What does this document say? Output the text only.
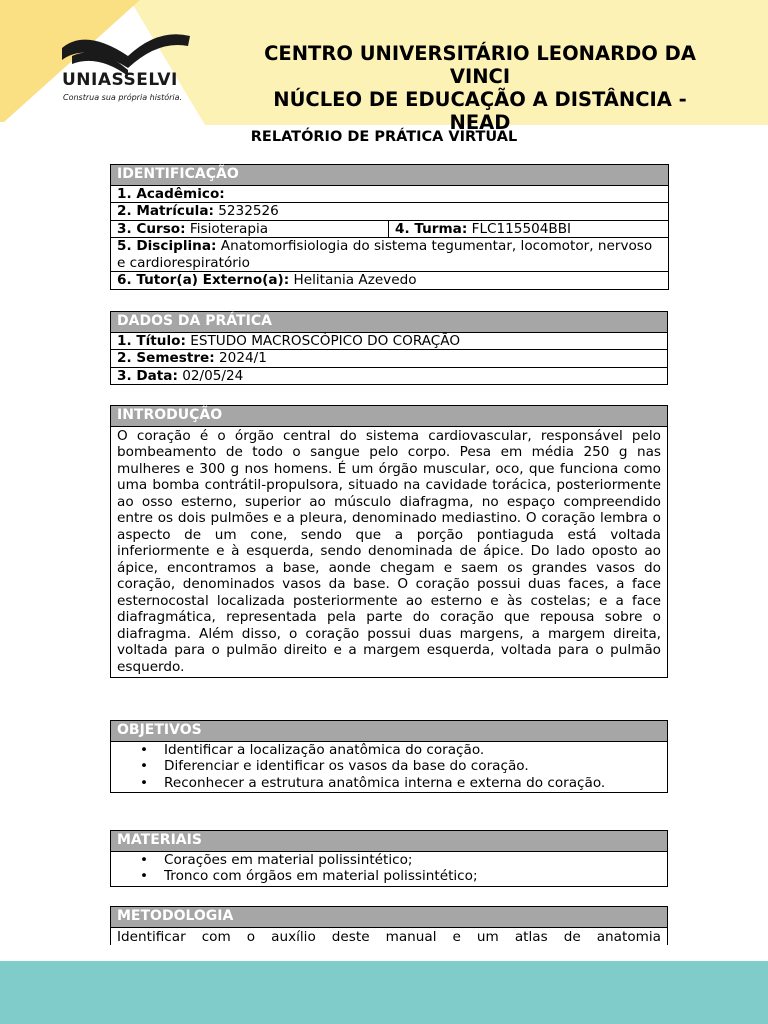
UNIASSELVI
Construa sua própria história.
CENTRO UNIVERSITÁRIO LEONARDO DA VINCI
NÚCLEO DE EDUCAÇÃO A DISTÂNCIA - NEAD
RELATÓRIO DE PRÁTICA VIRTUAL
IDENTIFICAÇÃO
1. Acadêmico:
2. Matrícula: 5232526
3. Curso: Fisioterapia	4. Turma: FLC115504BBI
5. Disciplina: Anatomorfisiologia do sistema tegumentar, locomotor, nervoso e cardiorespiratório
6. Tutor(a) Externo(a): Helitania Azevedo
DADOS DA PRÁTICA
1. Título: ESTUDO MACROSCÓPICO DO CORAÇÃO
2. Semestre: 2024/1
3. Data: 02/05/24
INTRODUÇÃO
O coração é o órgão central do sistema cardiovascular, responsável pelo bombeamento de todo o sangue pelo corpo. Pesa em média 250 g nas mulheres e 300 g nos homens. É um órgão muscular, oco, que funciona como uma bomba contrátil-propulsora, situado na cavidade torácica, posteriormente ao osso esterno, superior ao músculo diafragma, no espaço compreendido entre os dois pulmões e a pleura, denominado mediastino. O coração lembra o aspecto de um cone, sendo que a porção pontiaguda está voltada inferiormente e à esquerda, sendo denominada de ápice. Do lado oposto ao ápice, encontramos a base, aonde chegam e saem os grandes vasos do coração, denominados vasos da base. O coração possui duas faces, a face esternocostal localizada posteriormente ao esterno e às costelas; e a face diafragmática, representada pela parte do coração que repousa sobre o diafragma. Além disso, o coração possui duas margens, a margem direita, voltada para o pulmão direito e a margem esquerda, voltada para o pulmão esquerdo.
OBJETIVOS

• Identificar a localização anatômica do coração.
• Diferenciar e identificar os vasos da base do coração.
• Reconhecer a estrutura anatômica interna e externa do coração.
MATERIAIS

• Corações em material polissintético;
• Tronco com órgãos em material polissintético;
METODOLOGIA

Identificar com o auxílio deste manual e um atlas de anatomia
